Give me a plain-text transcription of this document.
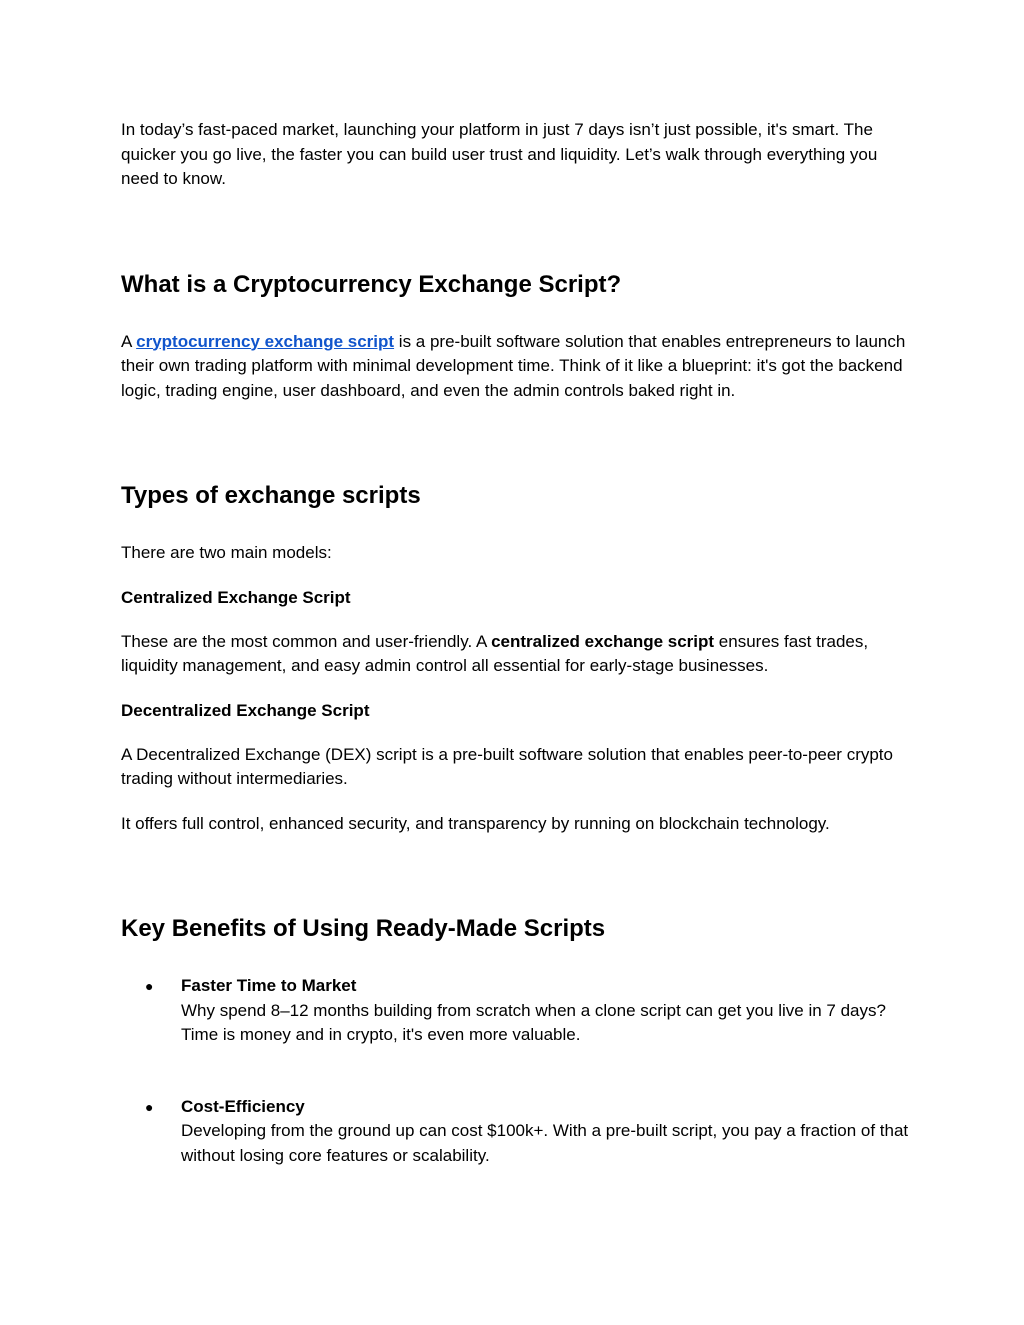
In today’s fast-paced market, launching your platform in just 7 days isn’t just possible, it's smart. The quicker you go live, the faster you can build user trust and liquidity. Let’s walk through everything you need to know.

What is a Cryptocurrency Exchange Script?

A cryptocurrency exchange script is a pre-built software solution that enables entrepreneurs to launch their own trading platform with minimal development time. Think of it like a blueprint: it's got the backend logic, trading engine, user dashboard, and even the admin controls baked right in.

Types of exchange scripts

There are two main models:

Centralized Exchange Script

These are the most common and user-friendly. A centralized exchange script ensures fast trades, liquidity management, and easy admin control all essential for early-stage businesses.

Decentralized Exchange Script

A Decentralized Exchange (DEX) script is a pre-built software solution that enables peer-to-peer crypto trading without intermediaries.

It offers full control, enhanced security, and transparency by running on blockchain technology.

Key Benefits of Using Ready-Made Scripts
● Faster Time to Market
Why spend 8–12 months building from scratch when a clone script can get you live in 7 days? Time is money and in crypto, it's even more valuable.
● Cost-Efficiency
Developing from the ground up can cost $100k+. With a pre-built script, you pay a fraction of that without losing core features or scalability.
